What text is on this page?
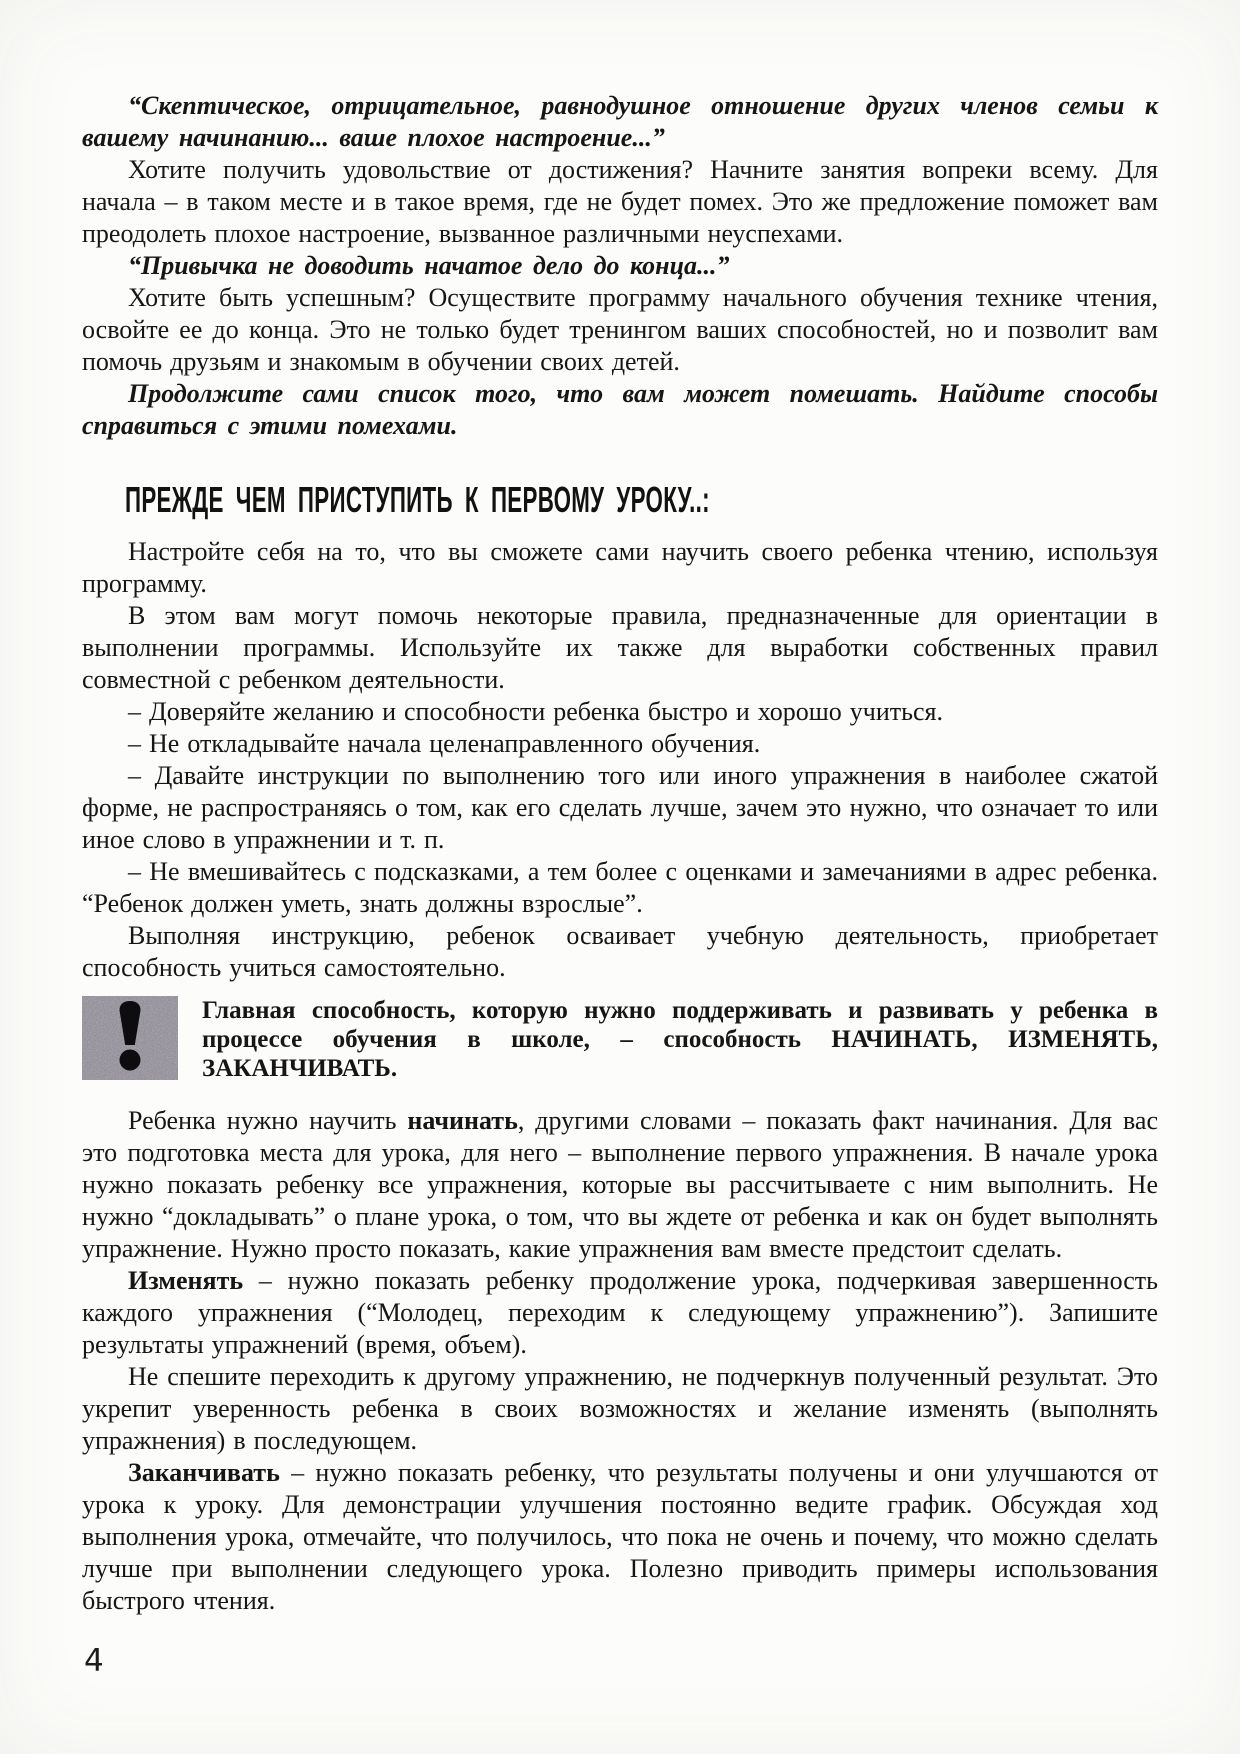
“Скептическое, отрицательное, равнодушное отношение других членов семьи к вашему начинанию... ваше плохое настроение...”

Хотите получить удовольствие от достижения? Начните занятия вопреки всему. Для начала – в таком месте и в такое время, где не будет помех. Это же предложение поможет вам преодолеть плохое настроение, вызванное различными неуспехами.

“Привычка не доводить начатое дело до конца...”

Хотите быть успешным? Осуществите программу начального обучения технике чтения, освойте ее до конца. Это не только будет тренингом ваших способностей, но и позволит вам помочь друзьям и знакомым в обучении своих детей.

Продолжите сами список того, что вам может помешать. Найдите способы справиться с этими помехами.

ПРЕЖДЕ ЧЕМ ПРИСТУПИТЬ К ПЕРВОМУ УРОКУ..:

Настройте себя на то, что вы сможете сами научить своего ребенка чтению, используя программу.

В этом вам могут помочь некоторые правила, предназначенные для ориентации в выполнении программы. Используйте их также для выработки собственных правил совместной с ребенком деятельности.

– Доверяйте желанию и способности ребенка быстро и хорошо учиться.

– Не откладывайте начала целенаправленного обучения.

– Давайте инструкции по выполнению того или иного упражнения в наиболее сжатой форме, не распространяясь о том, как его сделать лучше, зачем это нужно, что означает то или иное слово в упражнении и т. п.

– Не вмешивайтесь с подсказками, а тем более с оценками и замечаниями в адрес ребенка. “Ребенок должен уметь, знать должны взрослые”.

Выполняя инструкцию, ребенок осваивает учебную деятельность, приобретает способность учиться самостоятельно.

Главная способность, которую нужно поддерживать и развивать у ребенка в процессе обучения в школе, – способность НАЧИНАТЬ, ИЗМЕНЯТЬ, ЗАКАНЧИВАТЬ.

Ребенка нужно научить начинать, другими словами – показать факт начинания. Для вас это подготовка места для урока, для него – выполнение первого упражнения. В начале урока нужно показать ребенку все упражнения, которые вы рассчитываете с ним выполнить. Не нужно “докладывать” о плане урока, о том, что вы ждете от ребенка и как он будет выполнять упражнение. Нужно просто показать, какие упражнения вам вместе предстоит сделать.

Изменять – нужно показать ребенку продолжение урока, подчеркивая завершенность каждого упражнения (“Молодец, переходим к следующему упражнению”). Запишите результаты упражнений (время, объем).

Не спешите переходить к другому упражнению, не подчеркнув полученный результат. Это укрепит уверенность ребенка в своих возможностях и желание изменять (выполнять упражнения) в последующем.

Заканчивать – нужно показать ребенку, что результаты получены и они улучшаются от урока к уроку. Для демонстрации улучшения постоянно ведите график. Обсуждая ход выполнения урока, отмечайте, что получилось, что пока не очень и почему, что можно сделать лучше при выполнении следующего урока. Полезно приводить примеры использования быстрого чтения.

4
